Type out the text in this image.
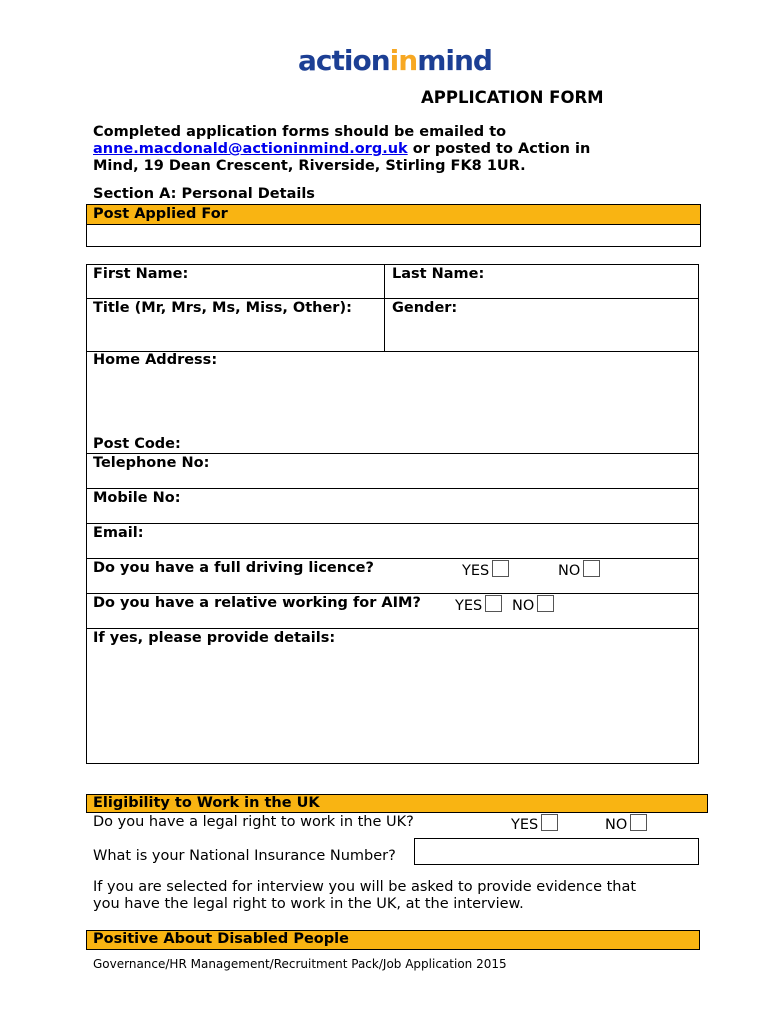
actioninmind
APPLICATION FORM
Completed application forms should be emailed to
anne.macdonald@actioninmind.org.uk or posted to Action in
Mind, 19 Dean Crescent, Riverside, Stirling FK8 1UR.
Section A: Personal Details
Post Applied For
First Name:	Last Name:
Title (Mr, Mrs, Ms, Miss, Other):	Gender:
Home Address:
Post Code:
Telephone No:
Mobile No:
Email:
Do you have a full driving licence?	YES	NO
Do you have a relative working for AIM? YES	NO
If yes, please provide details:
Eligibility to Work in the UK
Do you have a legal right to work in the UK?	YES	NO
What is your National Insurance Number?
If you are selected for interview you will be asked to provide evidence that
you have the legal right to work in the UK, at the interview.
Positive About Disabled People
Governance/HR Management/Recruitment Pack/Job Application 2015
